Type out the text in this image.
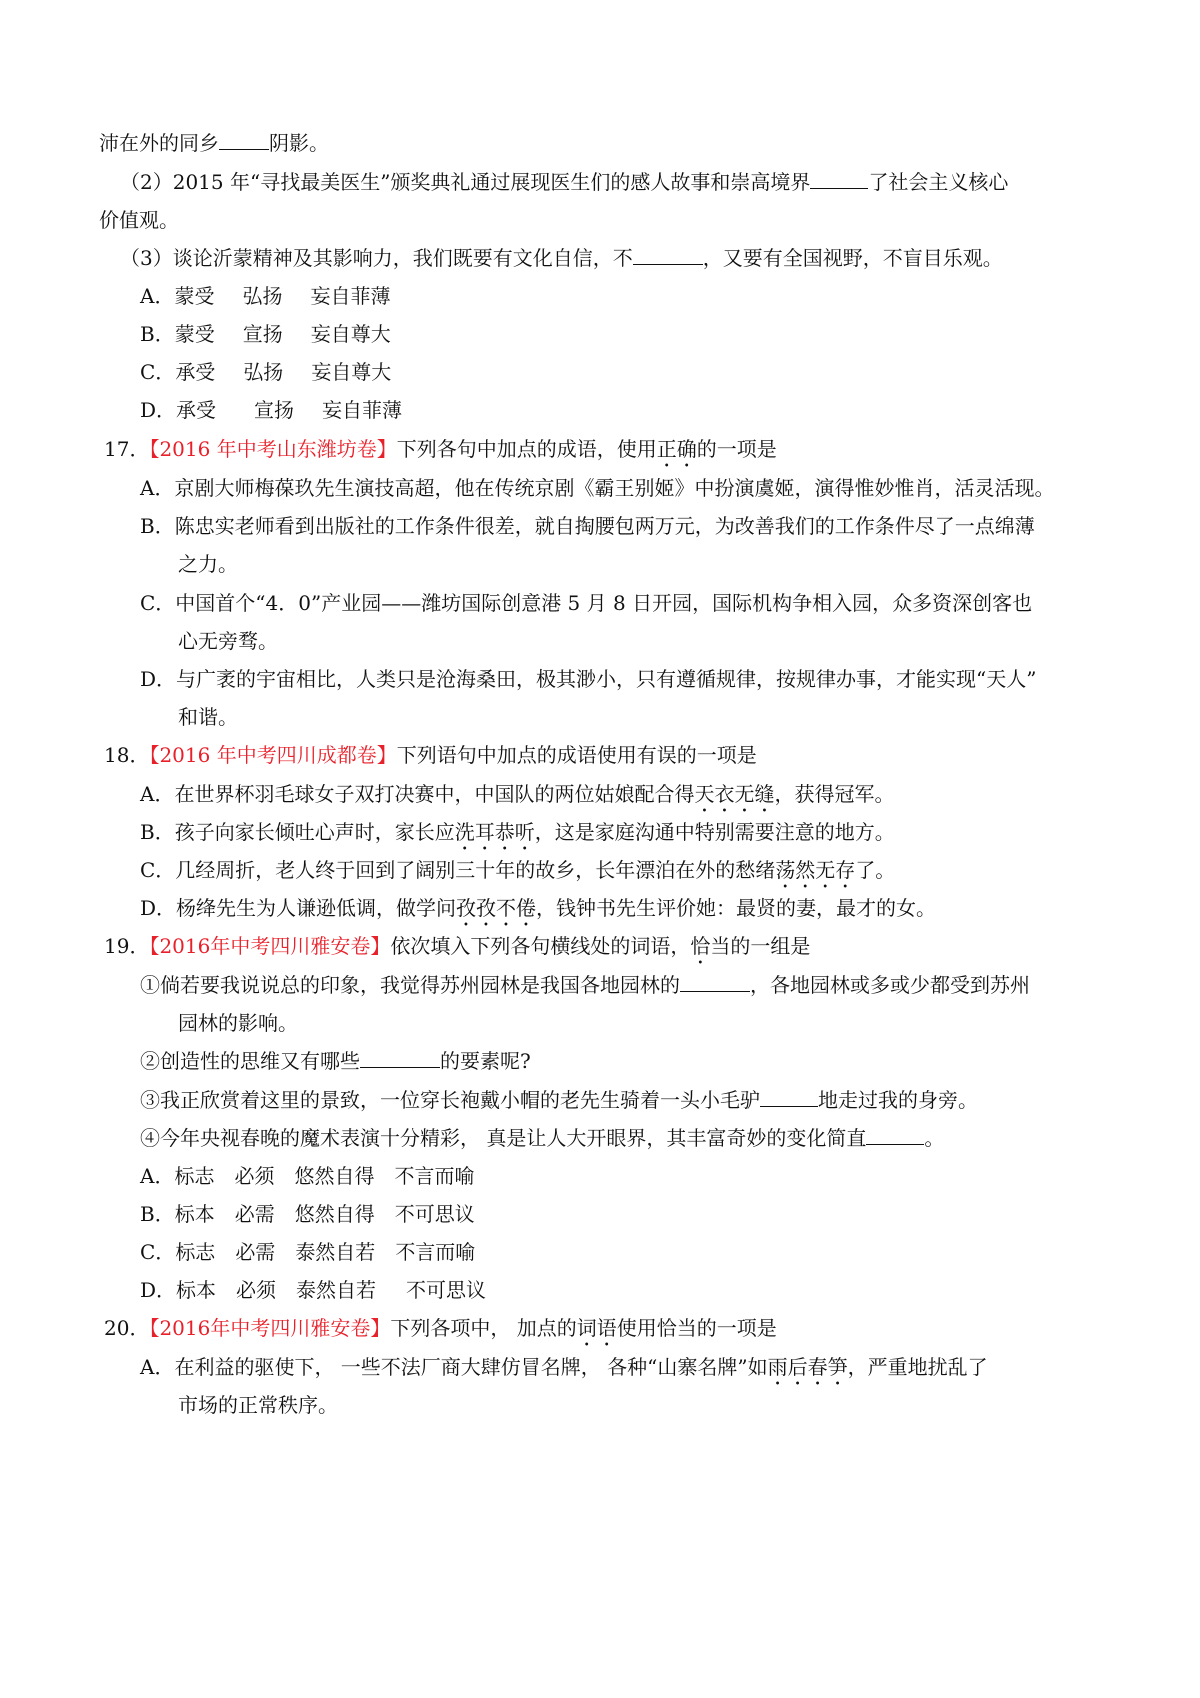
沛在外的同乡	阴影。
（2）2015 年“寻找最美医生”颁奖典礼通过展现医生们的感人故事和崇高境界	了社会主义核心
价值观。
（3）谈论沂蒙精神及其影响力，我们既要有文化自信，不	，又要有全国视野，不盲目乐观。
A．蒙受 弘扬 妄自菲薄
B．蒙受 宣扬 妄自尊大
C．承受 弘扬 妄自尊大
D．承受 宣扬 妄自菲薄
17．【2016 年中考山东潍坊卷】下列各句中加点的成语，使用正确的一项是
A．京剧大师梅葆玖先生演技高超，他在传统京剧《霸王别姬》中扮演虞姬，演得惟妙惟肖，活灵活现。
B．陈忠实老师看到出版社的工作条件很差，就自掏腰包两万元，为改善我们的工作条件尽了一点绵薄
之力。
C．中国首个“4．0”产业园——潍坊国际创意港 5 月 8 日开园，国际机构争相入园，众多资深创客也
心无旁骛。
D．与广袤的宇宙相比，人类只是沧海桑田，极其渺小，只有遵循规律，按规律办事，才能实现“天人”
和谐。
18．【2016 年中考四川成都卷】下列语句中加点的成语使用有误的一项是
A．在世界杯羽毛球女子双打决赛中，中国队的两位姑娘配合得天衣无缝，获得冠军。
B．孩子向家长倾吐心声时，家长应洗耳恭听，这是家庭沟通中特别需要注意的地方。
C．几经周折，老人终于回到了阔别三十年的故乡，长年漂泊在外的愁绪荡然无存了。
D．杨绛先生为人谦逊低调，做学问孜孜不倦，钱钟书先生评价她：最贤的妻，最才的女。
19．【2016年中考四川雅安卷】依次填入下列各句横线处的词语，恰当的一组是
①倘若要我说说总的印象，我觉得苏州园林是我国各地园林的	，各地园林或多或少都受到苏州
园林的影响。
②创造性的思维又有哪些	的要素呢?
③我正欣赏着这里的景致，一位穿长袍戴小帽的老先生骑着一头小毛驴	地走过我的身旁。
④今年央视春晚的魔术表演十分精彩， 真是让人大开眼界，其丰富奇妙的变化简直	。
A．标志 必须 悠然自得 不言而喻
B．标本 必需 悠然自得 不可思议
C．标志 必需 泰然自若 不言而喻
D．标本 必须 泰然自若 不可思议
20．【2016年中考四川雅安卷】下列各项中， 加点的词语使用恰当的一项是
A．在利益的驱使下， 一些不法厂商大肆仿冒名牌， 各种“山寨名牌”如雨后春笋，严重地扰乱了
市场的正常秩序。
